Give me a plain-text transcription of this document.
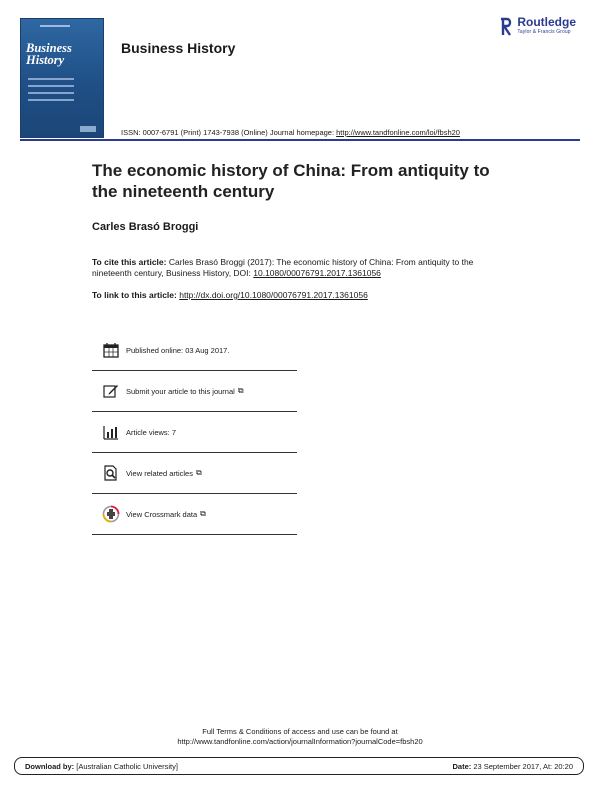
Business History
Business History
Routledge
Taylor & Francis Group
ISSN: 0007-6791 (Print) 1743-7938 (Online) Journal homepage: http://www.tandfonline.com/loi/fbsh20
The economic history of China: From antiquity to the nineteenth century
Carles Brasó Broggi
To cite this article: Carles Brasó Broggi (2017): The economic history of China: From antiquity to the nineteenth century, Business History, DOI: 10.1080/00076791.2017.1361056
To link to this article: http://dx.doi.org/10.1080/00076791.2017.1361056
Published online: 03 Aug 2017.
Submit your article to this journal ⧉
Article views: 7
View related articles ⧉
View Crossmark data ⧉
Full Terms & Conditions of access and use can be found at
http://www.tandfonline.com/action/journalInformation?journalCode=fbsh20
Download by: [Australian Catholic University]	Date: 23 September 2017, At: 20:20
